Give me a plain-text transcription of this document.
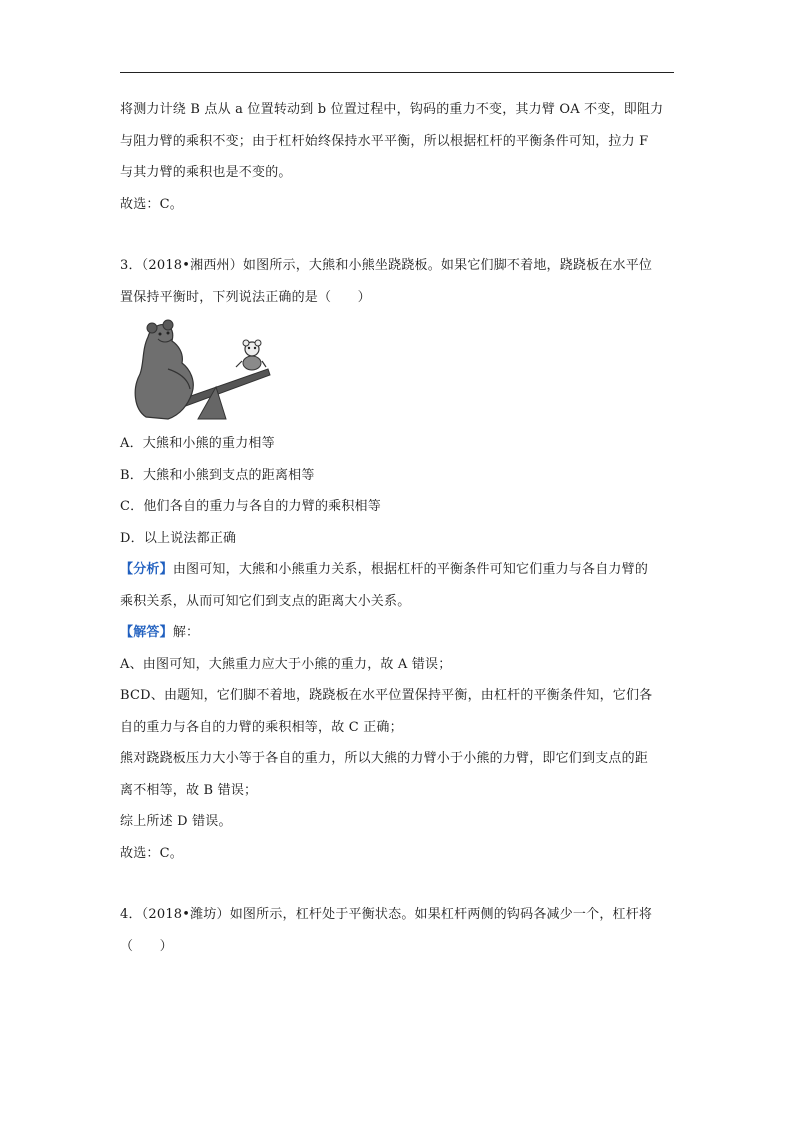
将测力计绕 B 点从 a 位置转动到 b 位置过程中，钩码的重力不变，其力臂 OA 不变，即阻力

与阻力臂的乘积不变；由于杠杆始终保持水平平衡，所以根据杠杆的平衡条件可知，拉力 F

与其力臂的乘积也是不变的。

故选：C。

3．（2018•湘西州）如图所示，大熊和小熊坐跷跷板。如果它们脚不着地，跷跷板在水平位

置保持平衡时，下列说法正确的是（　　）

A．大熊和小熊的重力相等

B．大熊和小熊到支点的距离相等

C．他们各自的重力与各自的力臂的乘积相等

D．以上说法都正确

【分析】由图可知，大熊和小熊重力关系，根据杠杆的平衡条件可知它们重力与各自力臂的

乘积关系，从而可知它们到支点的距离大小关系。

【解答】解：

A、由图可知，大熊重力应大于小熊的重力，故 A 错误；

BCD、由题知，它们脚不着地，跷跷板在水平位置保持平衡，由杠杆的平衡条件知，它们各

自的重力与各自的力臂的乘积相等，故 C 正确；

熊对跷跷板压力大小等于各自的重力，所以大熊的力臂小于小熊的力臂，即它们到支点的距

离不相等，故 B 错误；

综上所述 D 错误。

故选：C。

4．（2018•潍坊）如图所示，杠杆处于平衡状态。如果杠杆两侧的钩码各减少一个，杠杆将

（　　）
